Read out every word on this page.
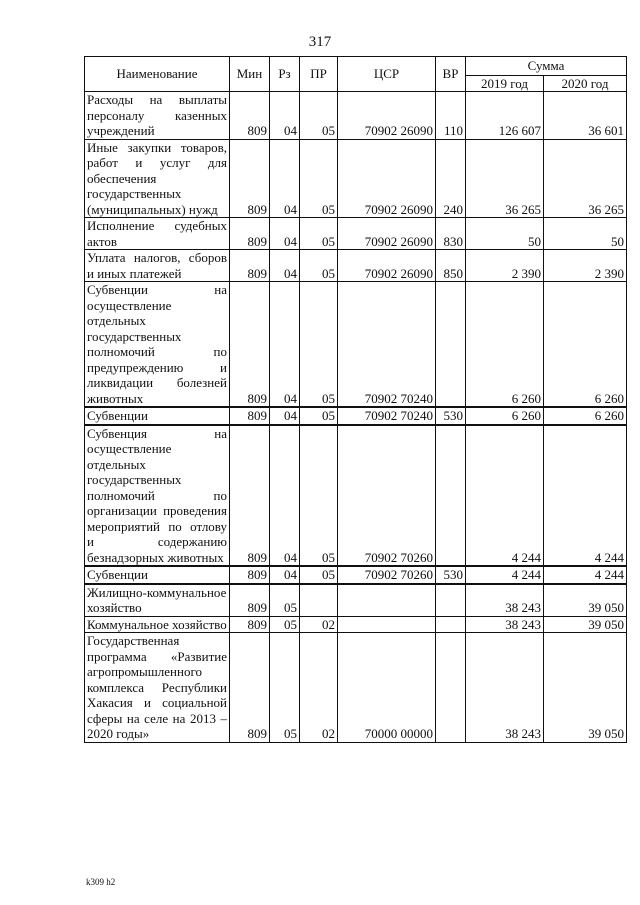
317
Наименование	Мин	Рз	ПР	ЦСР	ВР	Сумма	
						2019 год	2020 год
Расходы на выплаты персоналу казенных учреждений	809	04	05	70902 26090	110	126 607	36 601
Иные закупки товаров, работ и услуг для обеспечения государственных (муниципальных) нужд	809	04	05	70902 26090	240	36 265	36 265
Исполнение судебных актов	809	04	05	70902 26090	830	50	50
Уплата налогов, сборов и иных платежей	809	04	05	70902 26090	850	2 390	2 390
Субвенции на осуществление отдельных государственных полномочий по предупреждению и ликвидации болезней животных	809	04	05	70902 70240		6 260	6 260
Субвенции	809	04	05	70902 70240	530	6 260	6 260
Субвенция на осуществление отдельных государственных полномочий по организации проведения мероприятий по отлову и содержанию безнадзорных животных	809	04	05	70902 70260		4 244	4 244
Субвенции	809	04	05	70902 70260	530	4 244	4 244
Жилищно-коммунальное хозяйство	809	05				38 243	39 050
Коммунальное хозяйство	809	05	02			38 243	39 050
Государственная программа «Развитие агропромышленного комплекса Республики Хакасия и социальной сферы на селе на 2013 – 2020 годы»	809	05	02	70000 00000		38 243	39 050
k309 h2
